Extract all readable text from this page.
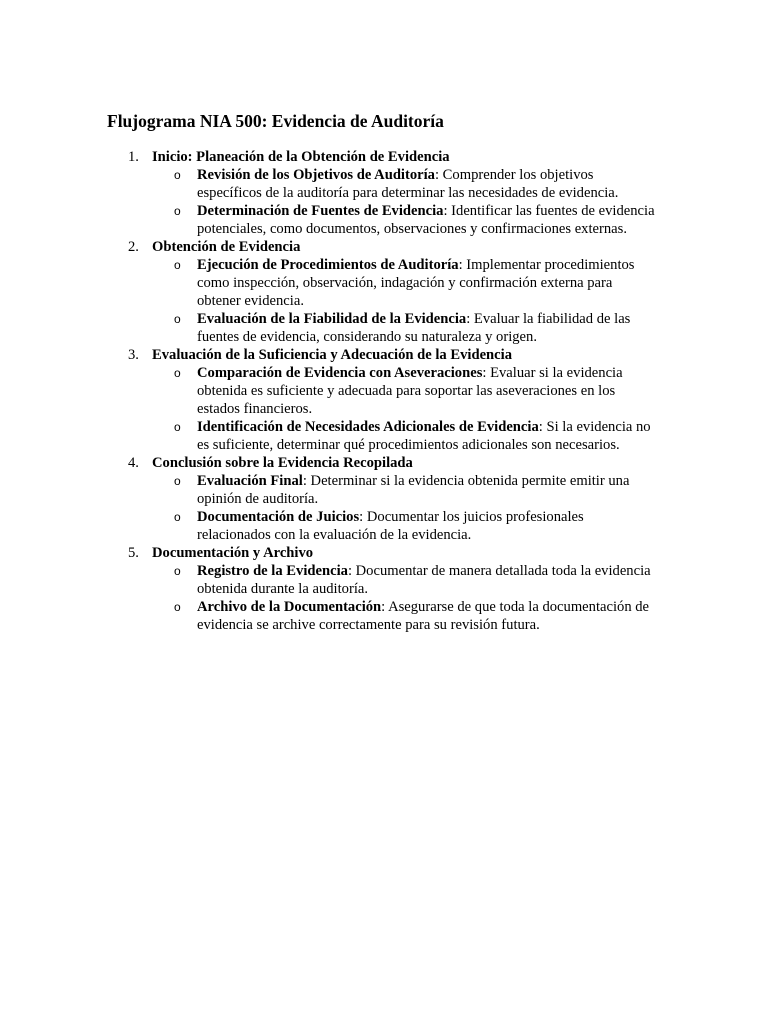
Flujograma NIA 500: Evidencia de Auditoría
1. Inicio: Planeación de la Obtención de Evidencia
o Revisión de los Objetivos de Auditoría: Comprender los objetivos específicos de la auditoría para determinar las necesidades de evidencia.
o Determinación de Fuentes de Evidencia: Identificar las fuentes de evidencia potenciales, como documentos, observaciones y confirmaciones externas.
2. Obtención de Evidencia
o Ejecución de Procedimientos de Auditoría: Implementar procedimientos como inspección, observación, indagación y confirmación externa para obtener evidencia.
o Evaluación de la Fiabilidad de la Evidencia: Evaluar la fiabilidad de las fuentes de evidencia, considerando su naturaleza y origen.
3. Evaluación de la Suficiencia y Adecuación de la Evidencia
o Comparación de Evidencia con Aseveraciones: Evaluar si la evidencia obtenida es suficiente y adecuada para soportar las aseveraciones en los estados financieros.
o Identificación de Necesidades Adicionales de Evidencia: Si la evidencia no es suficiente, determinar qué procedimientos adicionales son necesarios.
4. Conclusión sobre la Evidencia Recopilada
o Evaluación Final: Determinar si la evidencia obtenida permite emitir una opinión de auditoría.
o Documentación de Juicios: Documentar los juicios profesionales relacionados con la evaluación de la evidencia.
5. Documentación y Archivo
o Registro de la Evidencia: Documentar de manera detallada toda la evidencia obtenida durante la auditoría.
o Archivo de la Documentación: Asegurarse de que toda la documentación de evidencia se archive correctamente para su revisión futura.
